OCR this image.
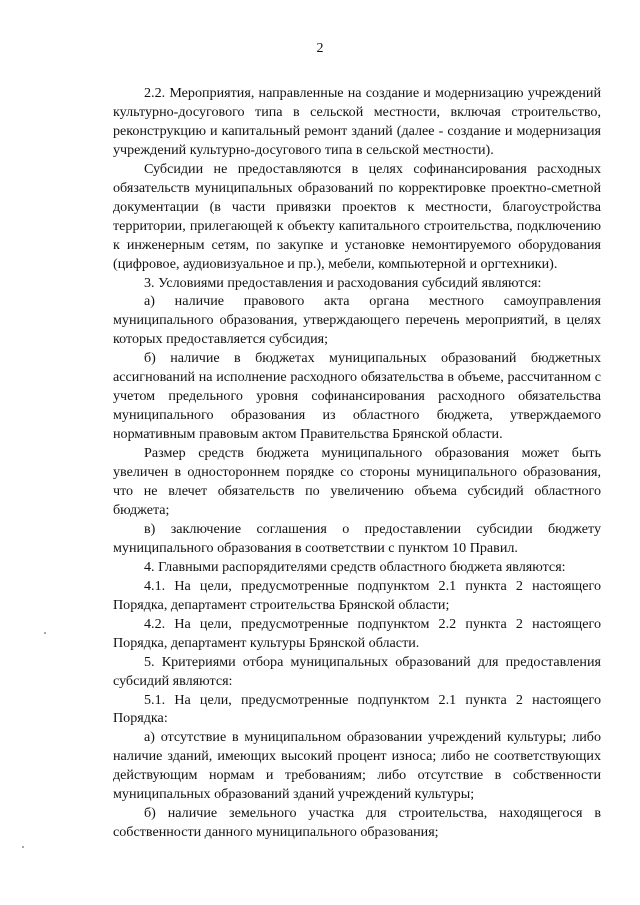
2

2.2. Мероприятия, направленные на создание и модернизацию учреждений культурно-досугового типа в сельской местности, включая строительство, реконструкцию и капитальный ремонт зданий (далее - создание и модернизация учреждений культурно-досугового типа в сельской местности).

Субсидии не предоставляются в целях софинансирования расходных обязательств муниципальных образований по корректировке проектно-сметной документации (в части привязки проектов к местности, благоустройства территории, прилегающей к объекту капитального строительства, подключению к инженерным сетям, по закупке и установке немонтируемого оборудования (цифровое, аудиовизуальное и пр.), мебели, компьютерной и оргтехники).

3. Условиями предоставления и расходования субсидий являются:

а) наличие правового акта органа местного самоуправления муниципального образования, утверждающего перечень мероприятий, в целях которых предоставляется субсидия;

б) наличие в бюджетах муниципальных образований бюджетных ассигнований на исполнение расходного обязательства в объеме, рассчитанном с учетом предельного уровня софинансирования расходного обязательства муниципального образования из областного бюджета, утверждаемого нормативным правовым актом Правительства Брянской области.

Размер средств бюджета муниципального образования может быть увеличен в одностороннем порядке со стороны муниципального образования, что не влечет обязательств по увеличению объема субсидий областного бюджета;

в) заключение соглашения о предоставлении субсидии бюджету муниципального образования в соответствии с пунктом 10 Правил.

4. Главными распорядителями средств областного бюджета являются:

4.1. На цели, предусмотренные подпунктом 2.1 пункта 2 настоящего Порядка, департамент строительства Брянской области;

4.2. На цели, предусмотренные подпунктом 2.2 пункта 2 настоящего Порядка, департамент культуры Брянской области.

5. Критериями отбора муниципальных образований для предоставления субсидий являются:

5.1. На цели, предусмотренные подпунктом 2.1 пункта 2 настоящего Порядка:

а) отсутствие в муниципальном образовании учреждений культуры; либо наличие зданий, имеющих высокий процент износа; либо не соответствующих действующим нормам и требованиям; либо отсутствие в собственности муниципальных образований зданий учреждений культуры;

б) наличие земельного участка для строительства, находящегося в собственности данного муниципального образования;
